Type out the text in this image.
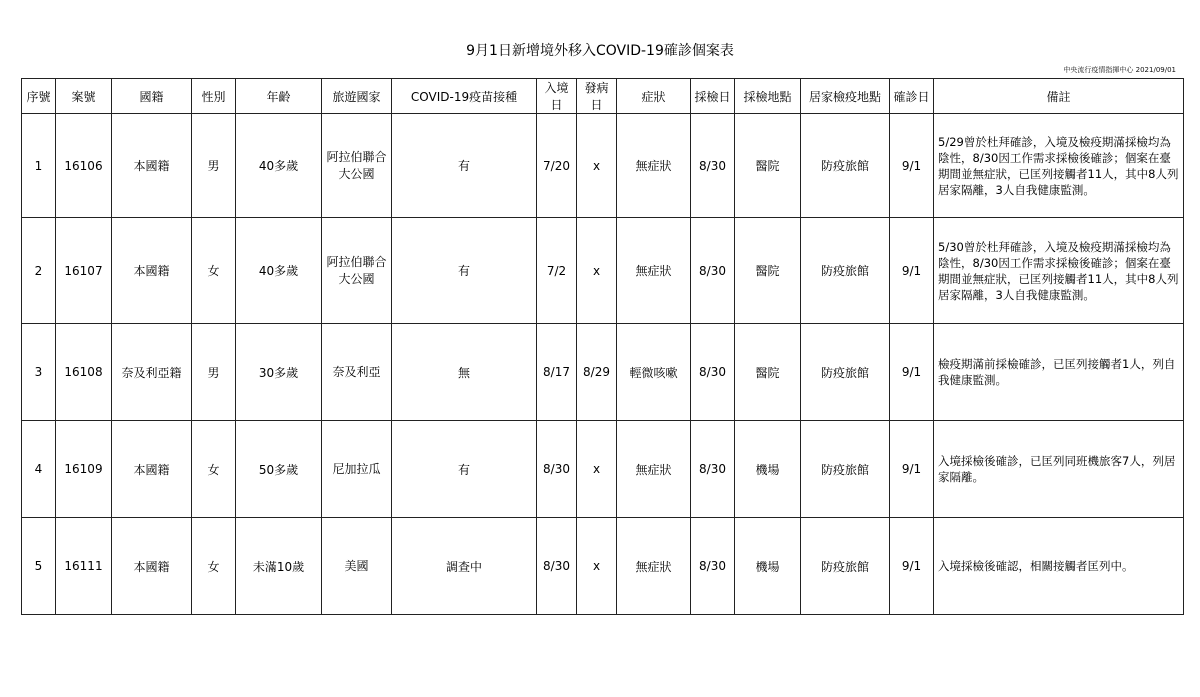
9月1日新增境外移入COVID-19確診個案表
中央流行疫情指揮中心 2021/09/01
序號	案號	國籍	性別	年齡	旅遊國家	COVID-19疫苗接種	入境日	發病日	症狀	採檢日	採檢地點	居家檢疫地點	確診日	備註
1	16106	本國籍	男	40多歲	阿拉伯聯合大公國	有	7/20	x	無症狀	8/30	醫院	防疫旅館	9/1	5/29曾於杜拜確診，入境及檢疫期滿採檢均為陰性，8/30因工作需求採檢後確診；個案在臺期間並無症狀，已匡列接觸者11人，其中8人列居家隔離，3人自我健康監測。
2	16107	本國籍	女	40多歲	阿拉伯聯合大公國	有	7/2	x	無症狀	8/30	醫院	防疫旅館	9/1	5/30曾於杜拜確診，入境及檢疫期滿採檢均為陰性，8/30因工作需求採檢後確診；個案在臺期間並無症狀，已匡列接觸者11人，其中8人列居家隔離，3人自我健康監測。
3	16108	奈及利亞籍	男	30多歲	奈及利亞	無	8/17	8/29	輕微咳嗽	8/30	醫院	防疫旅館	9/1	檢疫期滿前採檢確診，已匡列接觸者1人，列自我健康監測。
4	16109	本國籍	女	50多歲	尼加拉瓜	有	8/30	x	無症狀	8/30	機場	防疫旅館	9/1	入境採檢後確診，已匡列同班機旅客7人，列居家隔離。
5	16111	本國籍	女	未滿10歲	美國	調查中	8/30	x	無症狀	8/30	機場	防疫旅館	9/1	入境採檢後確認，相關接觸者匡列中。
